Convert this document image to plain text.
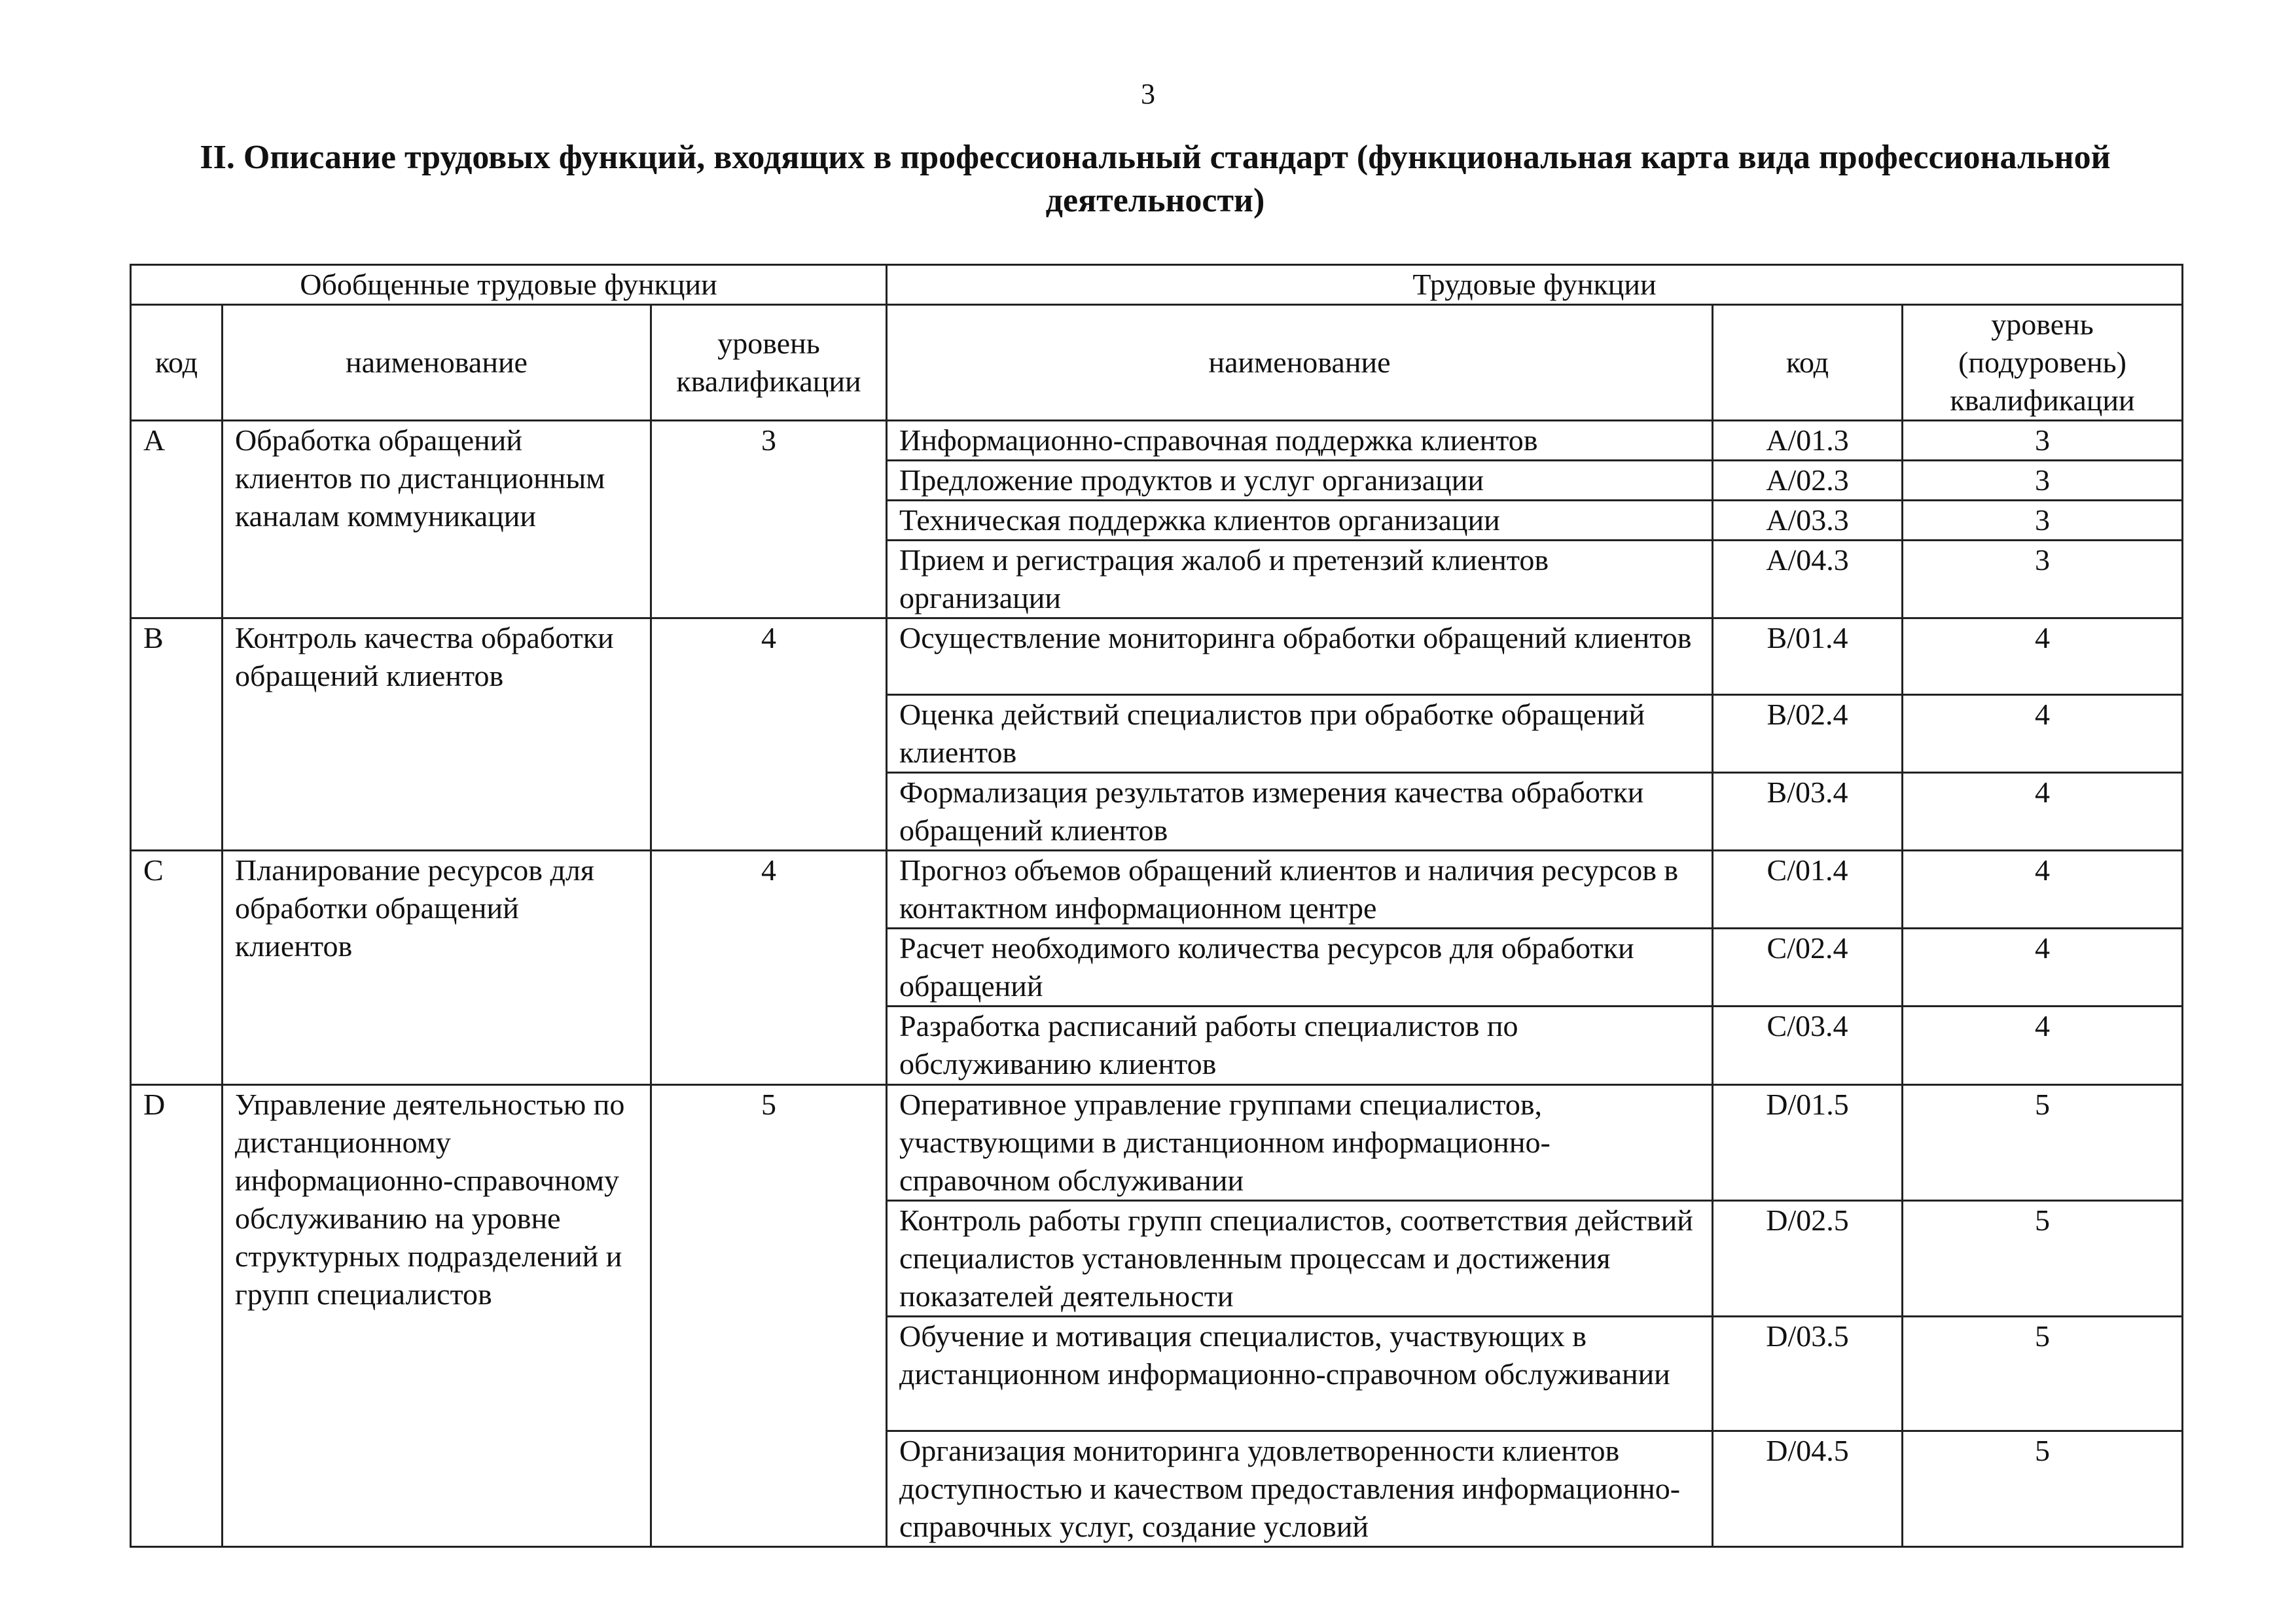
3
II. Описание трудовых функций, входящих в профессиональный стандарт (функциональная карта вида профессиональной деятельности)
Обобщенные трудовые функции			Трудовые функции		
код	наименование	уровень квалификации	наименование	код	уровень (подуровень) квалификации
A	Обработка обращений клиентов по дистанционным каналам коммуникации	3	Информационно-справочная поддержка клиентов	A/01.3	3
			Предложение продуктов и услуг организации	A/02.3	3
			Техническая поддержка клиентов организации	A/03.3	3
			Прием и регистрация жалоб и претензий клиентов организации	A/04.3	3
B	Контроль качества обработки обращений клиентов	4	Осуществление мониторинга обработки обращений клиентов	B/01.4	4
			Оценка действий специалистов при обработке обращений клиентов	B/02.4	4
			Формализация результатов измерения качества обработки обращений клиентов	B/03.4	4
C	Планирование ресурсов для обработки обращений клиентов	4	Прогноз объемов обращений клиентов и наличия ресурсов в контактном информационном центре	C/01.4	4
			Расчет необходимого количества ресурсов для обработки обращений	C/02.4	4
			Разработка расписаний работы специалистов по обслуживанию клиентов	C/03.4	4
D	Управление деятельностью по дистанционному информационно-справочному обслуживанию на уровне структурных подразделений и групп специалистов	5	Оперативное управление группами специалистов, участвующими в дистанционном информационно-справочном обслуживании	D/01.5	5
			Контроль работы групп специалистов, соответствия действий специалистов установленным процессам и достижения показателей деятельности	D/02.5	5
			Обучение и мотивация специалистов, участвующих в дистанционном информационно-справочном обслуживании	D/03.5	5
			Организация мониторинга удовлетворенности клиентов доступностью и качеством предоставления информационно-справочных услуг, создание условий	D/04.5	5
